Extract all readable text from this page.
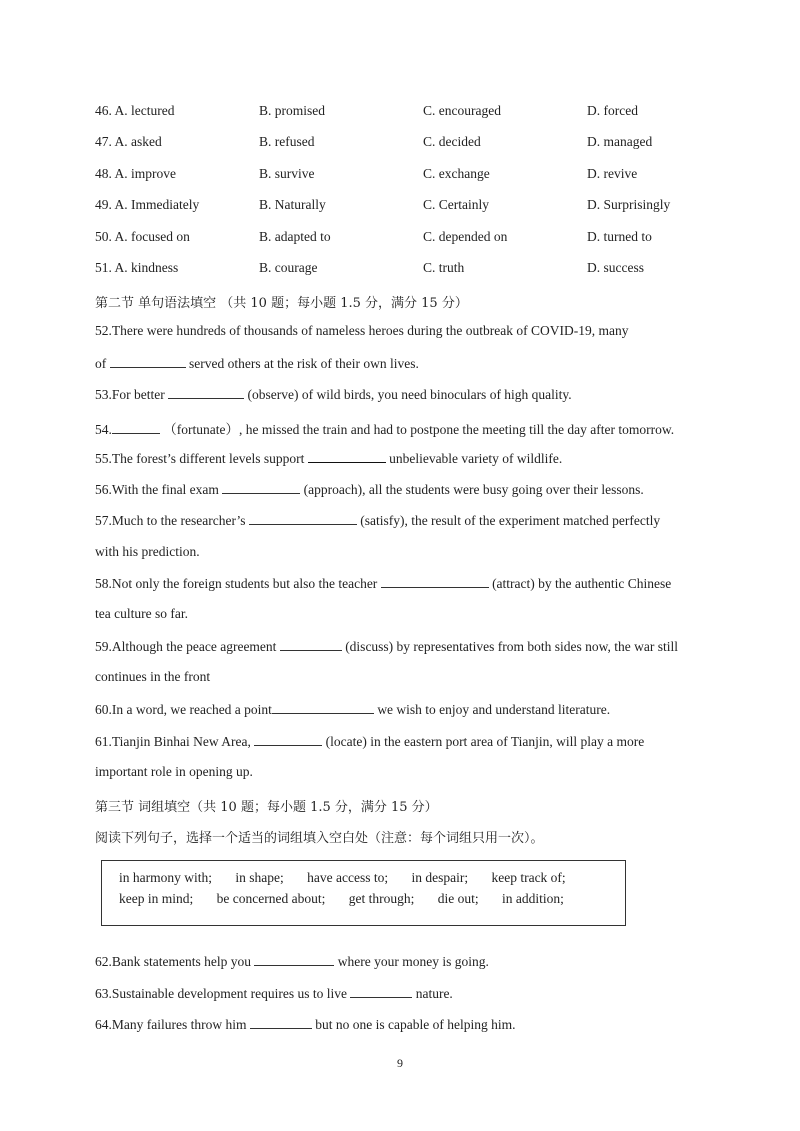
46. A. lectured	B. promised	C. encouraged	D. forced
47. A. asked	B. refused	C. decided	D. managed
48. A. improve	B. survive	C. exchange	D. revive
49. A. Immediately	B. Naturally	C. Certainly	D. Surprisingly
50. A. focused on	B. adapted to	C. depended on	D. turned to
51. A. kindness	B. courage	C. truth	D. success
第二节 单句语法填空 （共 10 题；每小题 1.5 分，满分 15 分）
52.There were hundreds of thousands of nameless heroes during the outbreak of COVID-19, many
of	served others at the risk of their own lives.
53.For better	(observe) of wild birds, you need binoculars of high quality.
54.	（fortunate）, he missed the train and had to postpone the meeting till the day after tomorrow.
55.The forest’s different levels support	unbelievable variety of wildlife.
56.With the final exam	(approach), all the students were busy going over their lessons.
57.Much to the researcher’s	(satisfy), the result of the experiment matched perfectly
with his prediction.
58.Not only the foreign students but also the teacher	(attract) by the authentic Chinese
tea culture so far.
59.Although the peace agreement	(discuss) by representatives from both sides now, the war still
continues in the front
60.In a word, we reached a point	we wish to enjoy and understand literature.
61.Tianjin Binhai New Area,	(locate) in the eastern port area of Tianjin, will play a more
important role in opening up.
第三节 词组填空（共 10 题；每小题 1.5 分，满分 15 分）
阅读下列句子，选择一个适当的词组填入空白处（注意：每个词组只用一次）。
in harmony with; in shape; have access to; in despair; keep track of;
keep in mind; be concerned about; get through; die out; in addition;
62.Bank statements help you	where your money is going.
63.Sustainable development requires us to live	nature.
64.Many failures throw him	but no one is capable of helping him.
9
